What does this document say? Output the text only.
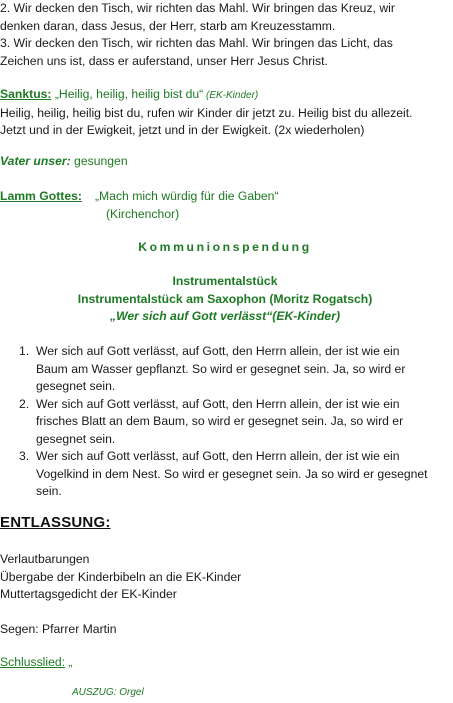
2. Wir decken den Tisch, wir richten das Mahl. Wir bringen das Kreuz, wir
denken daran, dass Jesus, der Herr, starb am Kreuzesstamm.
3. Wir decken den Tisch, wir richten das Mahl. Wir bringen das Licht, das
Zeichen uns ist, dass er auferstand, unser Herr Jesus Christ.
Sanktus: „Heilig, heilig, heilig bist du“ (EK-Kinder)
Heilig, heilig, heilig bist du, rufen wir Kinder dir jetzt zu. Heilig bist du allezeit.
Jetzt und in der Ewigkeit, jetzt und in der Ewigkeit. (2x wiederholen)
Vater unser: gesungen
Lamm Gottes: „Mach mich würdig für die Gaben“
(Kirchenchor)
Kommunionspendung
Instrumentalstück
Instrumentalstück am Saxophon (Moritz Rogatsch)
„Wer sich auf Gott verlässt“(EK-Kinder)
1. Wer sich auf Gott verlässt, auf Gott, den Herrn allein, der ist wie ein
Baum am Wasser gepflanzt. So wird er gesegnet sein. Ja, so wird er
gesegnet sein.
2. Wer sich auf Gott verlässt, auf Gott, den Herrn allein, der ist wie ein
frisches Blatt an dem Baum, so wird er gesegnet sein. Ja, so wird er
gesegnet sein.
3. Wer sich auf Gott verlässt, auf Gott, den Herrn allein, der ist wie ein
Vogelkind in dem Nest. So wird er gesegnet sein. Ja so wird er gesegnet
sein.
ENTLASSUNG:
Verlautbarungen
Übergabe der Kinderbibeln an die EK-Kinder
Muttertagsgedicht der EK-Kinder
Segen: Pfarrer Martin
Schlusslied: „
AUSZUG: Orgel
